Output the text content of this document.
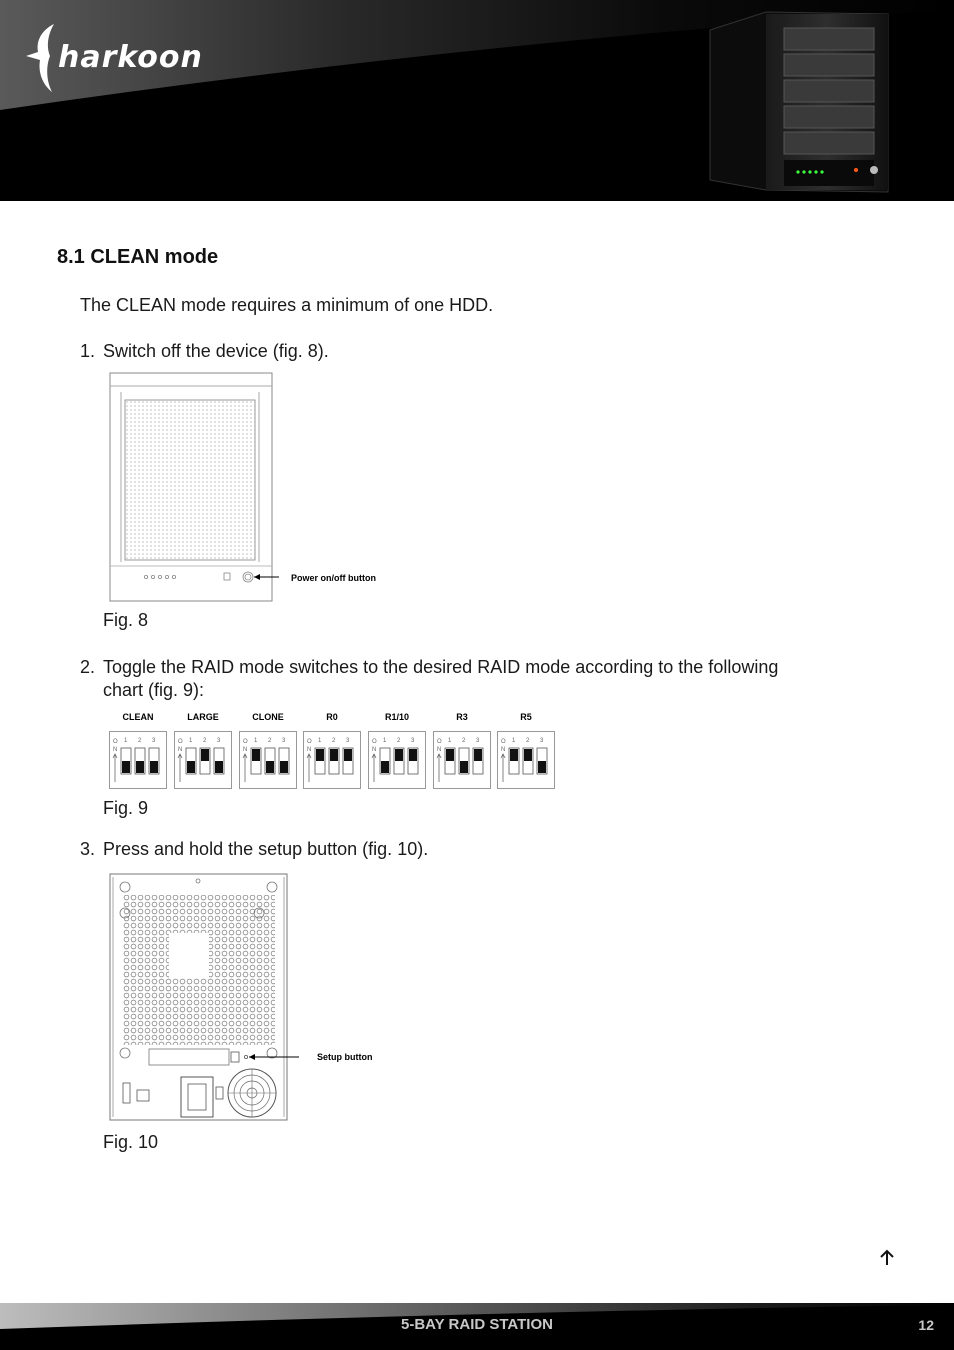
harkoon
8.1 CLEAN mode
The CLEAN mode requires a minimum of one HDD.
1. Switch off the device (fig. 8).
Power on/off button
Fig. 8
2. Toggle the RAID mode switches to the desired RAID mode according to the following chart (fig. 9):
CLEAN	LARGE	CLONE	R0	R1/10	R3	R5
O
N
1 2 3	O
N
1 2 3	O
N
1 2 3	O
N
1 2 3	O
N
1 2 3	O
N
1 2 3	O
N
1 2 3
Fig. 9
3. Press and hold the setup button (fig. 10).
Setup button
Fig. 10
5-BAY RAID STATION	12
